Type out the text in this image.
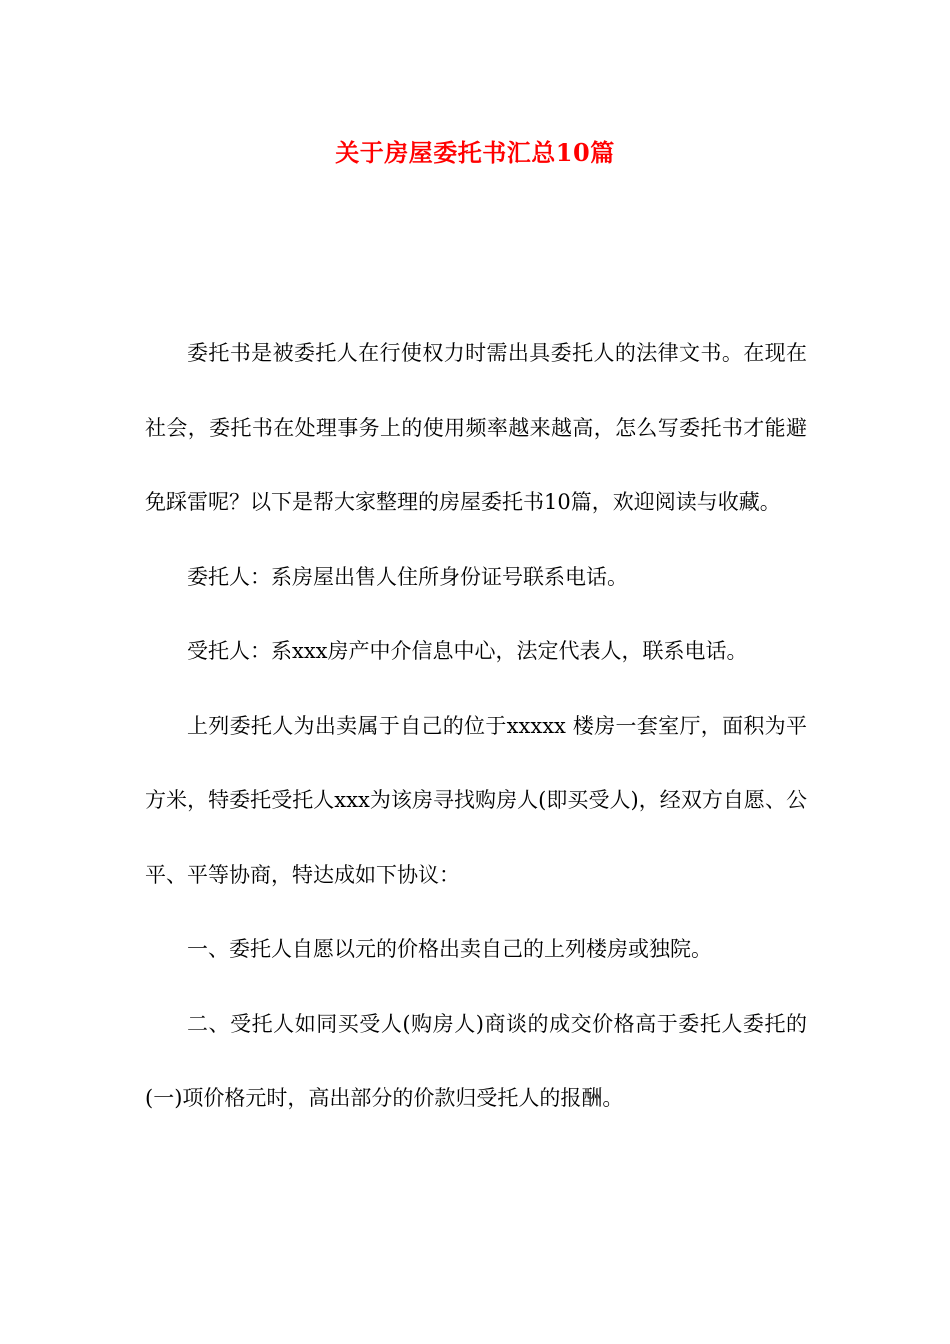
关于房屋委托书汇总10篇

委托书是被委托人在行使权力时需出具委托人的法律文书。在现在社会，委托书在处理事务上的使用频率越来越高，怎么写委托书才能避免踩雷呢？以下是帮大家整理的房屋委托书10篇，欢迎阅读与收藏。

委托人：系房屋出售人住所身份证号联系电话。

受托人：系xxx房产中介信息中心，法定代表人，联系电话。

上列委托人为出卖属于自己的位于xxxxx 楼房一套室厅，面积为平方米，特委托受托人xxx为该房寻找购房人(即买受人)，经双方自愿、公平、平等协商，特达成如下协议：

一、委托人自愿以元的价格出卖自己的上列楼房或独院。

二、受托人如同买受人(购房人)商谈的成交价格高于委托人委托的(一)项价格元时，高出部分的价款归受托人的报酬。
